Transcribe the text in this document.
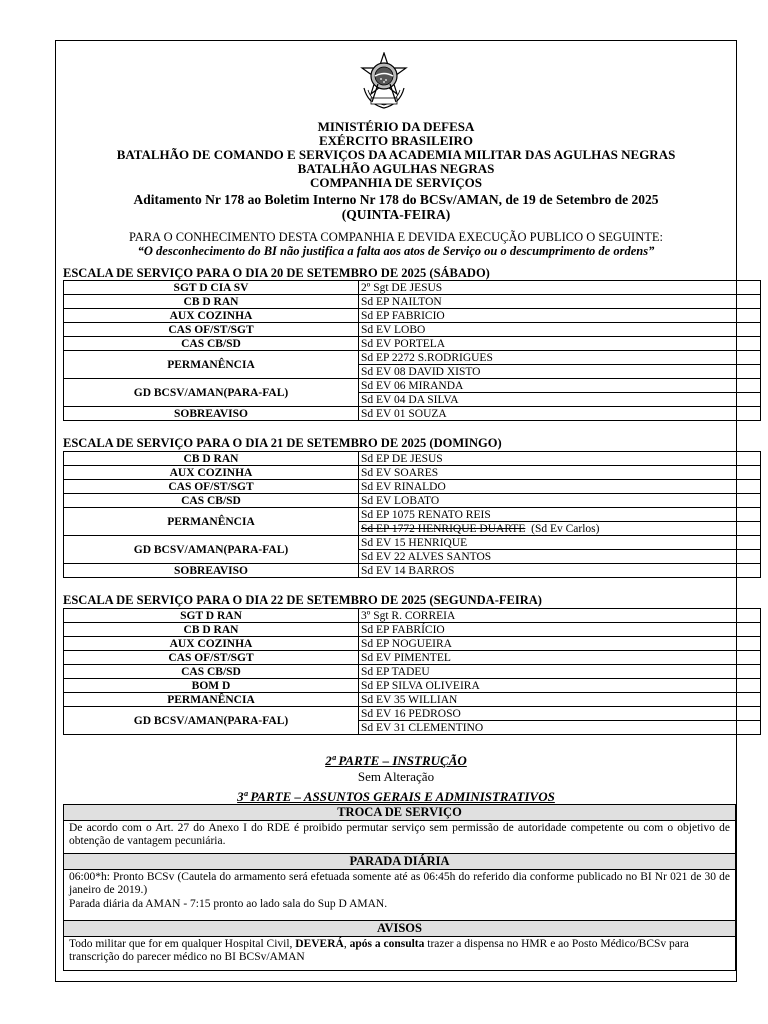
MINISTÉRIO DA DEFESA
EXÉRCITO BRASILEIRO
BATALHÃO DE COMANDO E SERVIÇOS DA ACADEMIA MILITAR DAS AGULHAS NEGRAS
BATALHÃO AGULHAS NEGRAS
COMPANHIA DE SERVIÇOS
Aditamento Nr 178 ao Boletim Interno Nr 178 do BCSv/AMAN, de 19 de Setembro de 2025
(QUINTA-FEIRA)
PARA O CONHECIMENTO DESTA COMPANHIA E DEVIDA EXECUÇÃO PUBLICO O SEGUINTE:
“O desconhecimento do BI não justifica a falta aos atos de Serviço ou o descumprimento de ordens”
ESCALA DE SERVIÇO PARA O DIA 20 DE SETEMBRO DE 2025 (SÁBADO)
SGT D CIA SV	2º Sgt DE JESUS
CB D RAN	Sd EP NAILTON
AUX COZINHA	Sd EP FABRICIO
CAS OF/ST/SGT	Sd EV LOBO
CAS CB/SD	Sd EV PORTELA
PERMANÊNCIA	Sd EP 2272 S.RODRIGUES
	Sd EV 08 DAVID XISTO
GD BCSV/AMAN(PARA-FAL)	Sd EV 06 MIRANDA
	Sd EV 04 DA SILVA
SOBREAVISO	Sd EV 01 SOUZA
ESCALA DE SERVIÇO PARA O DIA 21 DE SETEMBRO DE 2025 (DOMINGO)
CB D RAN	Sd EP DE JESUS
AUX COZINHA	Sd EV SOARES
CAS OF/ST/SGT	Sd EV RINALDO
CAS CB/SD	Sd EV LOBATO
PERMANÊNCIA	Sd EP 1075 RENATO REIS
	Sd EP 1772 HENRIQUE DUARTE (Sd Ev Carlos)
GD BCSV/AMAN(PARA-FAL)	Sd EV 15 HENRIQUE
	Sd EV 22 ALVES SANTOS
SOBREAVISO	Sd EV 14 BARROS
ESCALA DE SERVIÇO PARA O DIA 22 DE SETEMBRO DE 2025 (SEGUNDA-FEIRA)
SGT D RAN	3º Sgt R. CORREIA
CB D RAN	Sd EP FABRÍCIO
AUX COZINHA	Sd EP NOGUEIRA
CAS OF/ST/SGT	Sd EV PIMENTEL
CAS CB/SD	Sd EP TADEU
BOM D	Sd EP SILVA OLIVEIRA
PERMANÊNCIA	Sd EV 35 WILLIAN
GD BCSV/AMAN(PARA-FAL)	Sd EV 16 PEDROSO
	Sd EV 31 CLEMENTINO
2ª PARTE – INSTRUÇÃO
Sem Alteração
3ª PARTE – ASSUNTOS GERAIS E ADMINISTRATIVOS
TROCA DE SERVIÇO
De acordo com o Art. 27 do Anexo I do RDE é proibido permutar serviço sem permissão de autoridade competente ou com o objetivo de obtenção de vantagem pecuniária.
PARADA DIÁRIA
06:00*h: Pronto BCSv (Cautela do armamento será efetuada somente até as 06:45h do referido dia conforme publicado no BI Nr 021 de 30 de janeiro de 2019.)
Parada diária da AMAN - 7:15 pronto ao lado sala do Sup D AMAN.
AVISOS
Todo militar que for em qualquer Hospital Civil, DEVERÁ, após a consulta trazer a dispensa no HMR e ao Posto Médico/BCSv para transcrição do parecer médico no BI BCSv/AMAN
